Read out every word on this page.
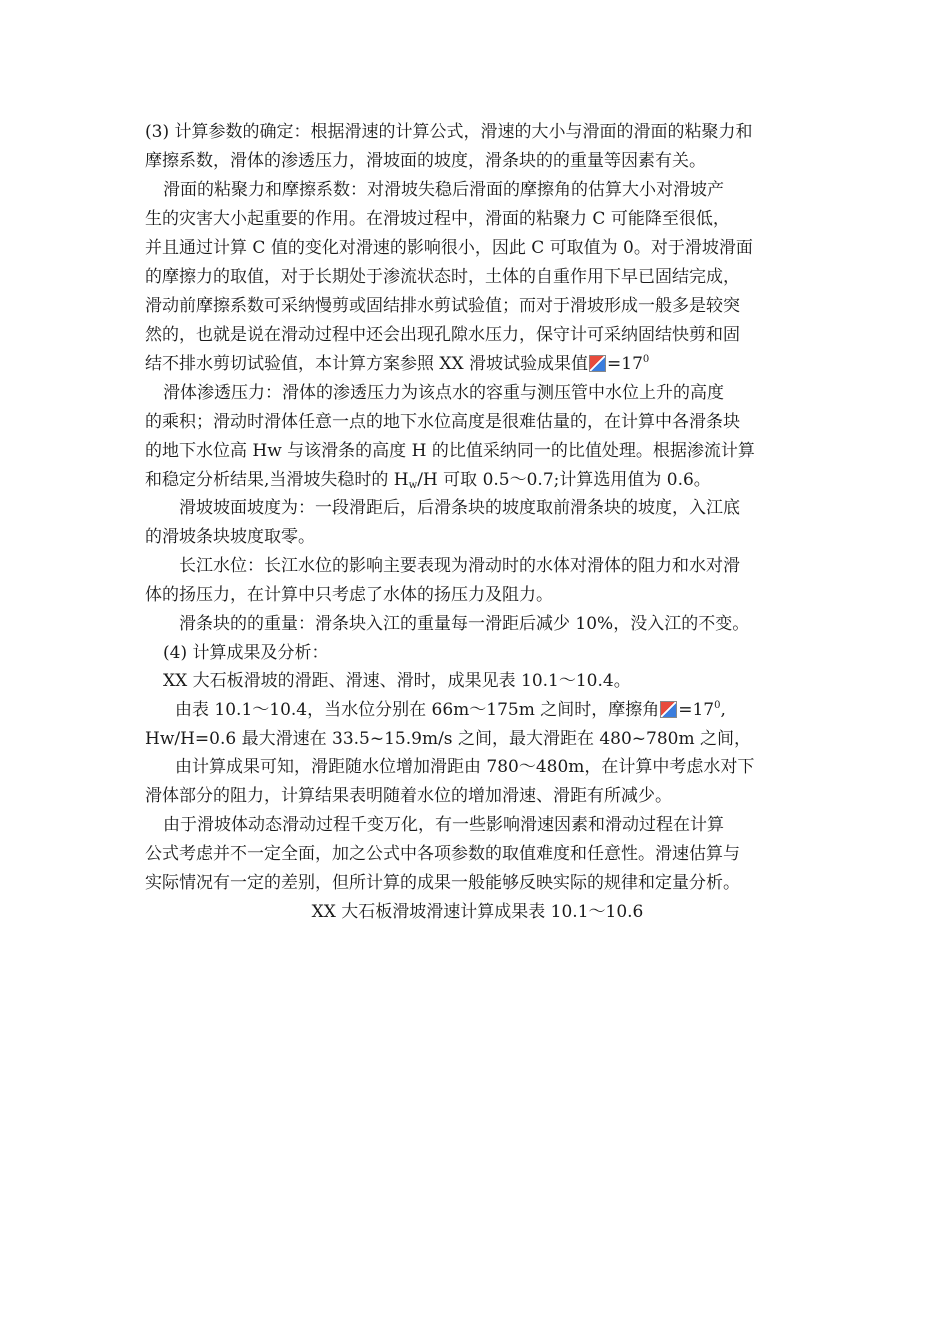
(3) 计算参数的确定：根据滑速的计算公式，滑速的大小与滑面的滑面的粘聚力和
摩擦系数，滑体的渗透压力，滑坡面的坡度，滑条块的的重量等因素有关。
滑面的粘聚力和摩擦系数：对滑坡失稳后滑面的摩擦角的估算大小对滑坡产
生的灾害大小起重要的作用。在滑坡过程中，滑面的粘聚力 C 可能降至很低，
并且通过计算 C 值的变化对滑速的影响很小，因此 C 可取值为 0。对于滑坡滑面
的摩擦力的取值，对于长期处于渗流状态时，土体的自重作用下早已固结完成，
滑动前摩擦系数可采纳慢剪或固结排水剪试验值；而对于滑坡形成一般多是较突
然的，也就是说在滑动过程中还会出现孔隙水压力，保守计可采纳固结快剪和固
结不排水剪切试验值，本计算方案参照 XX 滑坡试验成果值 $=17^0$
滑体渗透压力：滑体的渗透压力为该点水的容重与测压管中水位上升的高度
的乘积；滑动时滑体任意一点的地下水位高度是很难估量的，在计算中各滑条块
的地下水位高 Hw 与该滑条的高度 H 的比值采纳同一的比值处理。根据渗流计算
和稳定分析结果,当滑坡失稳时的 $H_w/H$ 可取 0.5～0.7;计算选用值为 0.6。
滑坡坡面坡度为：一段滑距后，后滑条块的坡度取前滑条块的坡度，入江底
的滑坡条块坡度取零。
长江水位：长江水位的影响主要表现为滑动时的水体对滑体的阻力和水对滑
体的扬压力，在计算中只考虑了水体的扬压力及阻力。
滑条块的的重量：滑条块入江的重量每一滑距后减少 10%，没入江的不变。
(4) 计算成果及分析：
XX 大石板滑坡的滑距、滑速、滑时，成果见表 10.1～10.4。
由表 10.1～10.4，当水位分别在 66m～175m 之间时，摩擦角 $=17^0$,
Hw/H=0.6 最大滑速在 33.5~15.9m/s 之间，最大滑距在 480~780m 之间，
由计算成果可知，滑距随水位增加滑距由 780～480m，在计算中考虑水对下
滑体部分的阻力，计算结果表明随着水位的增加滑速、滑距有所减少。
由于滑坡体动态滑动过程千变万化，有一些影响滑速因素和滑动过程在计算
公式考虑并不一定全面，加之公式中各项参数的取值难度和任意性。滑速估算与
实际情况有一定的差别，但所计算的成果一般能够反映实际的规律和定量分析。
XX 大石板滑坡滑速计算成果表 10.1～10.6
